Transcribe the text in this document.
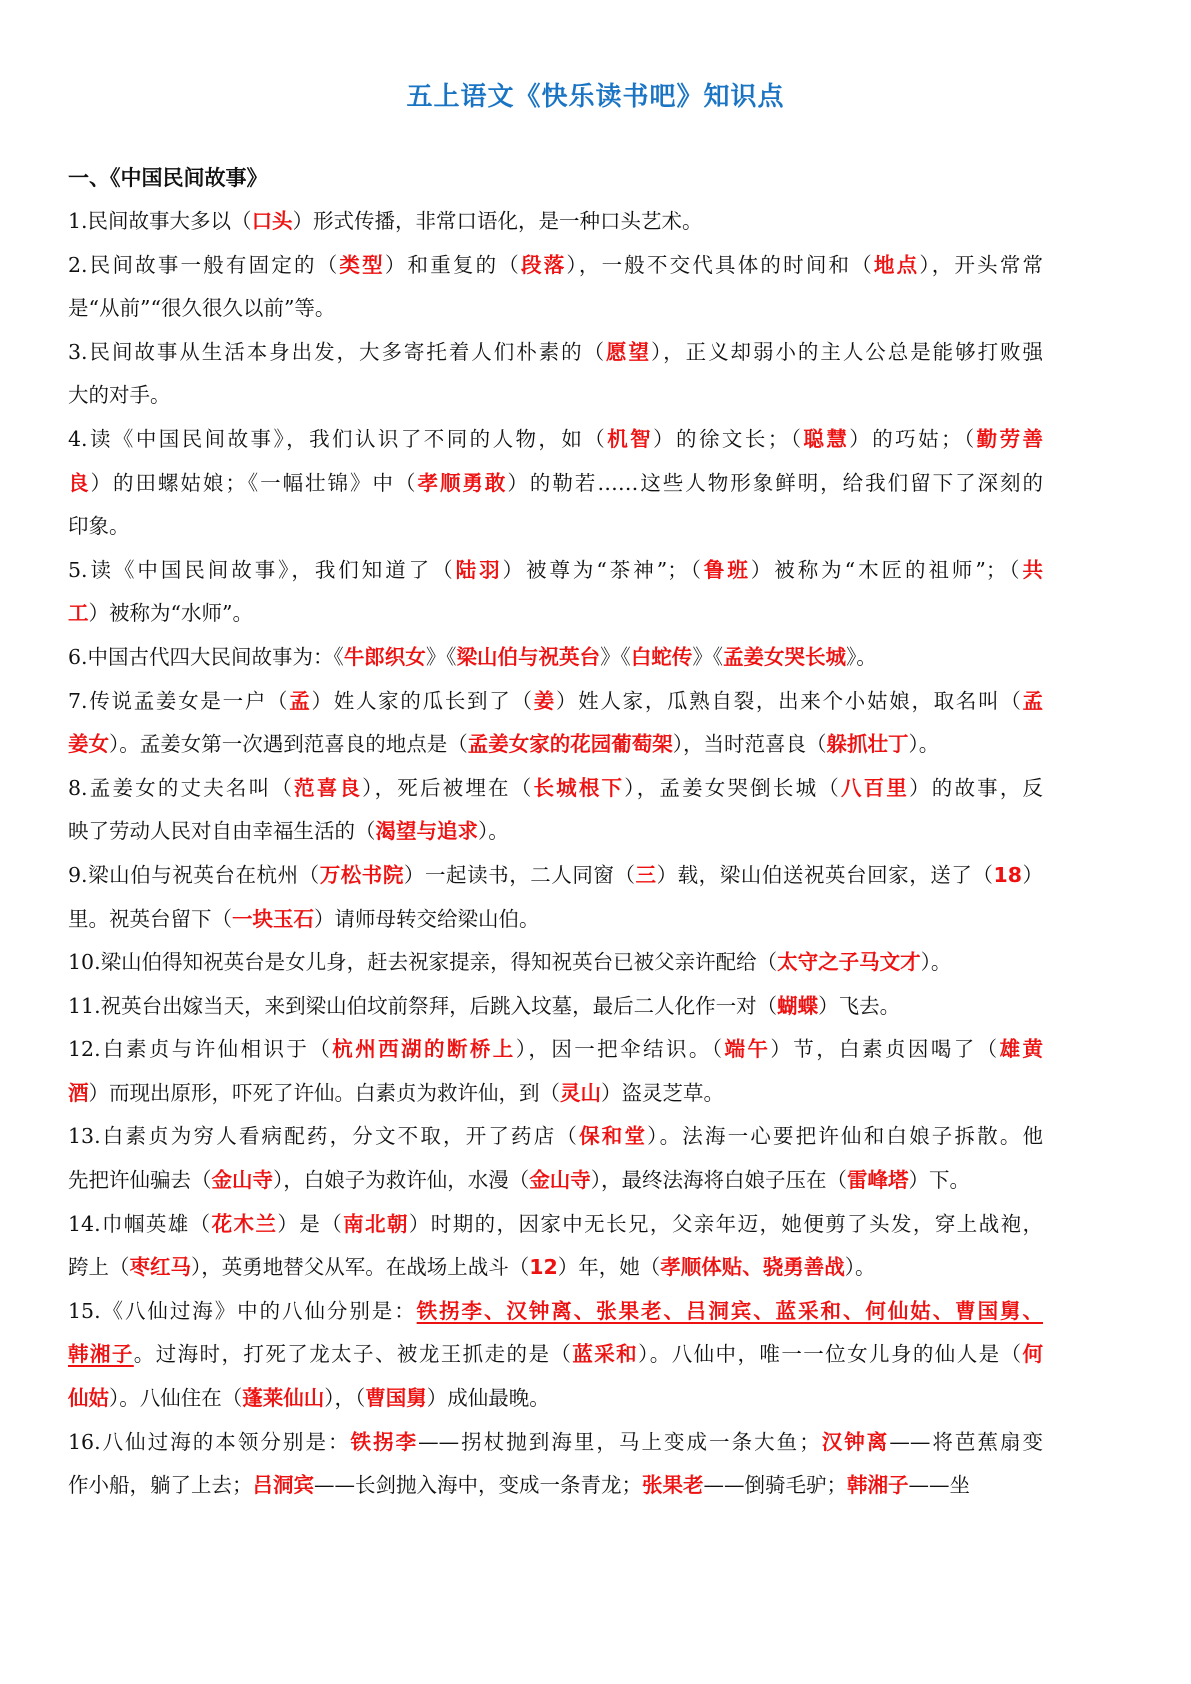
五上语文《快乐读书吧》知识点
一、《中国民间故事》
1.民间故事大多以（口头）形式传播，非常口语化，是一种口头艺术。
2.民间故事一般有固定的（类型）和重复的（段落），一般不交代具体的时间和（地点），开头常常
是“从前”“很久很久以前”等。
3.民间故事从生活本身出发，大多寄托着人们朴素的（愿望），正义却弱小的主人公总是能够打败强
大的对手。
4.读《中国民间故事》，我们认识了不同的人物，如（机智）的徐文长；（聪慧）的巧姑；（勤劳善
良）的田螺姑娘；《一幅壮锦》中（孝顺勇敢）的勒若……这些人物形象鲜明，给我们留下了深刻的
印象。
5.读《中国民间故事》，我们知道了（陆羽）被尊为“茶神”；（鲁班）被称为“木匠的祖师”；（共
工）被称为“水师”。
6.中国古代四大民间故事为：《牛郎织女》《梁山伯与祝英台》《白蛇传》《孟姜女哭长城》。
7.传说孟姜女是一户（孟）姓人家的瓜长到了（姜）姓人家，瓜熟自裂，出来个小姑娘，取名叫（孟
姜女）。孟姜女第一次遇到范喜良的地点是（孟姜女家的花园葡萄架），当时范喜良（躲抓壮丁）。
8.孟姜女的丈夫名叫（范喜良），死后被埋在（长城根下），孟姜女哭倒长城（八百里）的故事，反
映了劳动人民对自由幸福生活的（渴望与追求）。
9.梁山伯与祝英台在杭州（万松书院）一起读书，二人同窗（三）载，梁山伯送祝英台回家，送了（18）
里。祝英台留下（一块玉石）请师母转交给梁山伯。
10.梁山伯得知祝英台是女儿身，赶去祝家提亲，得知祝英台已被父亲许配给（太守之子马文才）。
11.祝英台出嫁当天，来到梁山伯坟前祭拜，后跳入坟墓，最后二人化作一对（蝴蝶）飞去。
12.白素贞与许仙相识于（杭州西湖的断桥上），因一把伞结识。（端午）节，白素贞因喝了（雄黄
酒）而现出原形，吓死了许仙。白素贞为救许仙，到（灵山）盗灵芝草。
13.白素贞为穷人看病配药，分文不取，开了药店（保和堂）。法海一心要把许仙和白娘子拆散。他
先把许仙骗去（金山寺），白娘子为救许仙，水漫（金山寺），最终法海将白娘子压在（雷峰塔）下。
14.巾帼英雄（花木兰）是（南北朝）时期的，因家中无长兄，父亲年迈，她便剪了头发，穿上战袍，
跨上（枣红马），英勇地替父从军。在战场上战斗（12）年，她（孝顺体贴、骁勇善战）。
15.《八仙过海》中的八仙分别是：铁拐李、汉钟离、张果老、吕洞宾、蓝采和、何仙姑、曹国舅、
韩湘子。过海时，打死了龙太子、被龙王抓走的是（蓝采和）。八仙中，唯一一位女儿身的仙人是（何
仙姑）。八仙住在（蓬莱仙山），（曹国舅）成仙最晚。
16.八仙过海的本领分别是：铁拐李——拐杖抛到海里，马上变成一条大鱼；汉钟离——将芭蕉扇变
作小船，躺了上去；吕洞宾——长剑抛入海中，变成一条青龙；张果老——倒骑毛驴；韩湘子——坐
